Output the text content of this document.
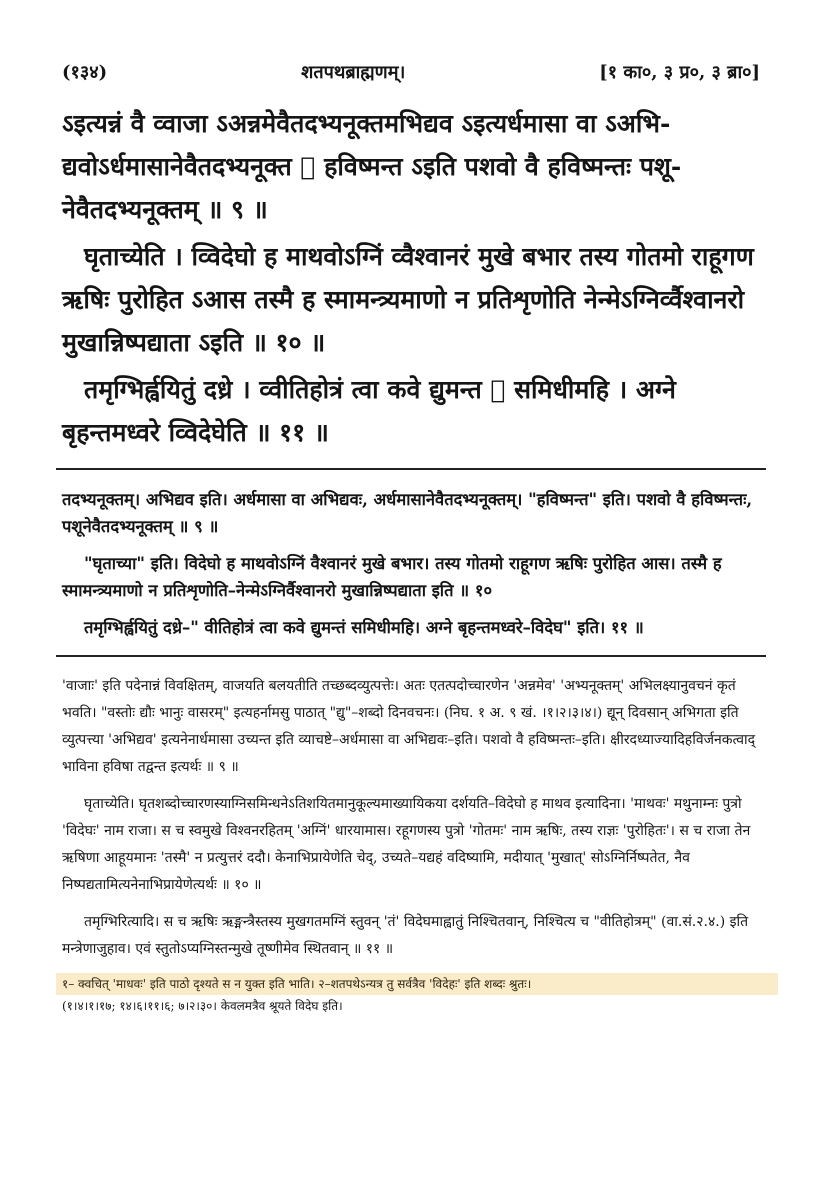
(१३४)	शतपथब्राह्मणम्।	[१ का०, ३ प्र०, ३ ब्रा०]

ऽइत्यन्नं वै व्वाजा ऽअन्नमेवैतदभ्यनूक्तमभिद्यव ऽइत्यर्धमासा वा ऽअभि-द्यवोऽर्धमासानेवैतदभ्यनूक्त ᳡ हविष्मन्त ऽइति पशवो वै हविष्मन्तः पशू-नेवैतदभ्यनूक्तम् ॥ ९ ॥

घृताच्येति । व्विदेघो ह माथवोऽग्निं व्वैश्वानरं मुखे बभार तस्य गोतमो राहूगण ऋषिः पुरोहित ऽआस तस्मै ह स्मामन्त्र्यमाणो न प्रतिशृणोति नेन्मेऽग्निर्व्वैश्वानरो मुखान्निष्पद्याता ऽइति ॥ १० ॥

तमृग्भिर्ह्वयितुं दध्रे । व्वीतिहोत्रं त्वा कवे द्युमन्त ᳡ समिधीमहि । अग्ने बृहन्तमध्वरे व्विदेघेति ॥ ११ ॥

तदभ्यनूक्तम्। अभिद्यव इति। अर्धमासा वा अभिद्यवः, अर्धमासानेवैतदभ्यनूक्तम्। "हविष्मन्त" इति। पशवो वै हविष्मन्तः, पशूनेवैतदभ्यनूक्तम् ॥ ९ ॥

"घृताच्या" इति। विदेघो ह माथवोऽग्निं वैश्वानरं मुखे बभार। तस्य गोतमो राहूगण ऋषिः पुरोहित आस। तस्मै ह स्मामन्त्र्यमाणो न प्रतिशृणोति–नेन्मेऽग्निर्वैश्वानरो मुखान्निष्पद्याता इति ॥ १०

तमृग्भिर्ह्वयितुं दध्रे–" वीतिहोत्रं त्वा कवे द्युमन्तं समिधीमहि। अग्ने बृहन्तमध्वरे–विदेघ" इति। ११ ॥

'वाजाः' इति पदेनान्नं विवक्षितम्, वाजयति बलयतीति तच्छब्दव्युत्पत्तेः। अतः एतत्पदोच्चारणेन 'अन्नमेव' 'अभ्यनूक्तम्' अभिलक्ष्यानुवचनं कृतं भवति। "वस्तोः द्यौः भानुः वासरम्" इत्यहर्नामसु पाठात् "द्यु"–शब्दो दिनवचनः। (निघ. १ अ. ९ खं. ।१।२।३।४।) द्यून् दिवसान् अभिगता इति व्युत्पत्त्या 'अभिद्यव' इत्यनेनार्धमासा उच्यन्त इति व्याचष्टे–अर्धमासा वा अभिद्यवः–इति। पशवो वै हविष्मन्तः–इति। क्षीरदध्याज्यादिहविर्जनकत्वाद् भाविना हविषा तद्वन्त इत्यर्थः ॥ ९ ॥

घृताच्येति। घृतशब्दोच्चारणस्याग्निसमिन्धनेऽतिशयितमानुकूल्यमाख्यायिकया दर्शयति–विदेघो ह माथव इत्यादिना। 'माथवः' मथुनाम्नः पुत्रो 'विदेघः' नाम राजा। स च स्वमुखे विश्वनरहितम् 'अग्निं' धारयामास। रहूगणस्य पुत्रो 'गोतमः' नाम ऋषिः, तस्य राज्ञः 'पुरोहितः'। स च राजा तेन ऋषिणा आहूयमानः 'तस्मै' न प्रत्युत्तरं ददौ। केनाभिप्रायेणेति चेद्, उच्यते–यद्यहं वदिष्यामि, मदीयात् 'मुखात्' सोऽग्निर्निष्पतेत, नैव निष्पद्यतामित्यनेनाभिप्रायेणेत्यर्थः ॥ १० ॥

तमृग्भिरित्यादि। स च ऋषिः ऋङ्मन्त्रैस्तस्य मुखगतमग्निं स्तुवन् 'तं' विदेघमाह्वातुं निश्चितवान्, निश्चित्य च "वीतिहोत्रम्" (वा.सं.२.४.) इति मन्त्रेणाजुहाव। एवं स्तुतोऽप्यग्निस्तन्मुखे तूष्णीमेव स्थितवान् ॥ ११ ॥

१– क्वचित् 'माधवः' इति पाठो दृश्यते स न युक्त इति भाति। २–शतपथेऽन्यत्र तु सर्वत्रैव 'विदेहः' इति शब्दः श्रुतः।
(१।४।१।१७; १४।६।११।६; ७।२।३०। केवलमत्रैव श्रूयते विदेघ इति।
